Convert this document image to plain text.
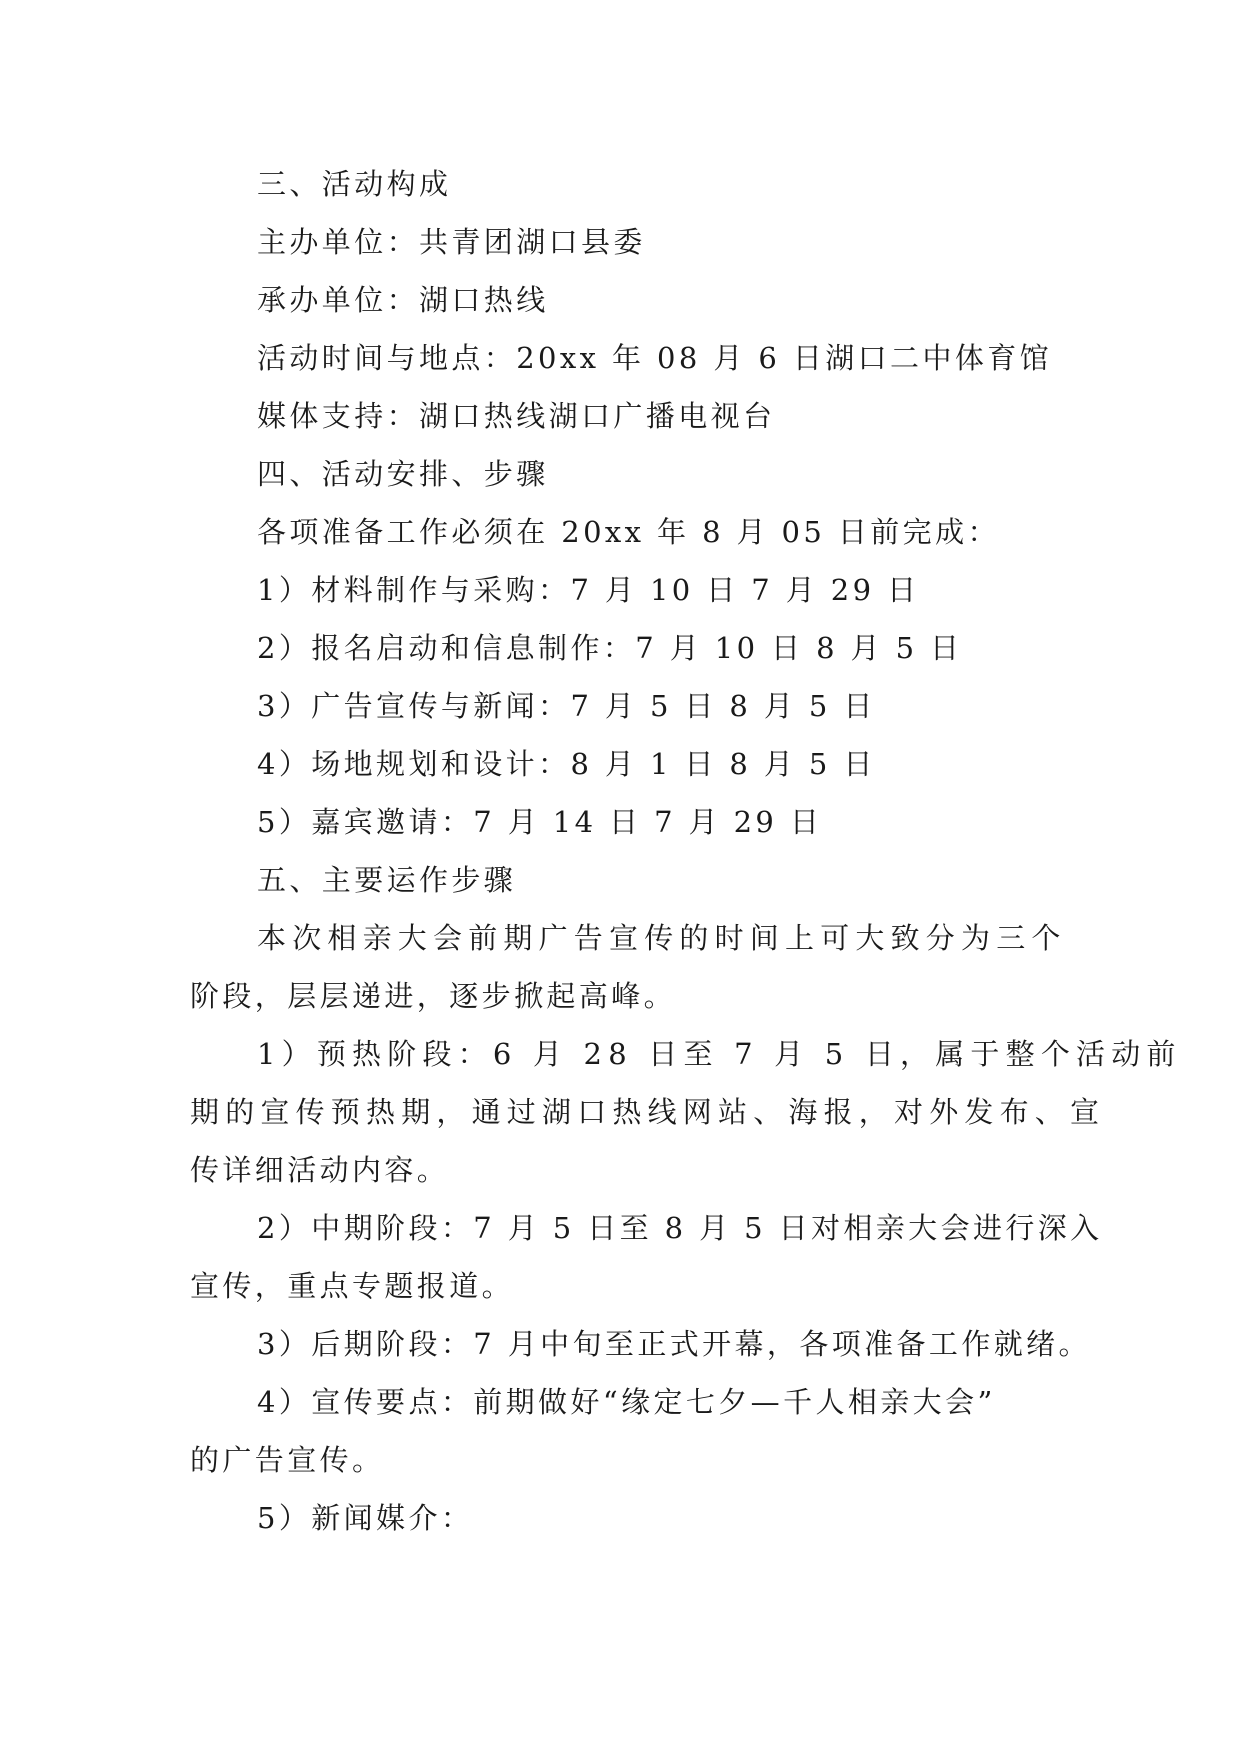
三、活动构成
主办单位：共青团湖口县委
承办单位：湖口热线
活动时间与地点：20xx 年 08 月 6 日湖口二中体育馆
媒体支持：湖口热线湖口广播电视台
四、活动安排、步骤
各项准备工作必须在 20xx 年 8 月 05 日前完成：
1）材料制作与采购：7 月 10 日 7 月 29 日
2）报名启动和信息制作：7 月 10 日 8 月 5 日
3）广告宣传与新闻：7 月 5 日 8 月 5 日
4）场地规划和设计：8 月 1 日 8 月 5 日
5）嘉宾邀请：7 月 14 日 7 月 29 日
五、主要运作步骤
本次相亲大会前期广告宣传的时间上可大致分为三个
阶段，层层递进，逐步掀起高峰。
1）预热阶段：6 月 28 日至 7 月 5 日，属于整个活动前
期的宣传预热期，通过湖口热线网站、海报，对外发布、宣
传详细活动内容。
2）中期阶段：7 月 5 日至 8 月 5 日对相亲大会进行深入
宣传，重点专题报道。
3）后期阶段：7 月中旬至正式开幕，各项准备工作就绪。
4）宣传要点：前期做好“缘定七夕—千人相亲大会”
的广告宣传。
5）新闻媒介：
